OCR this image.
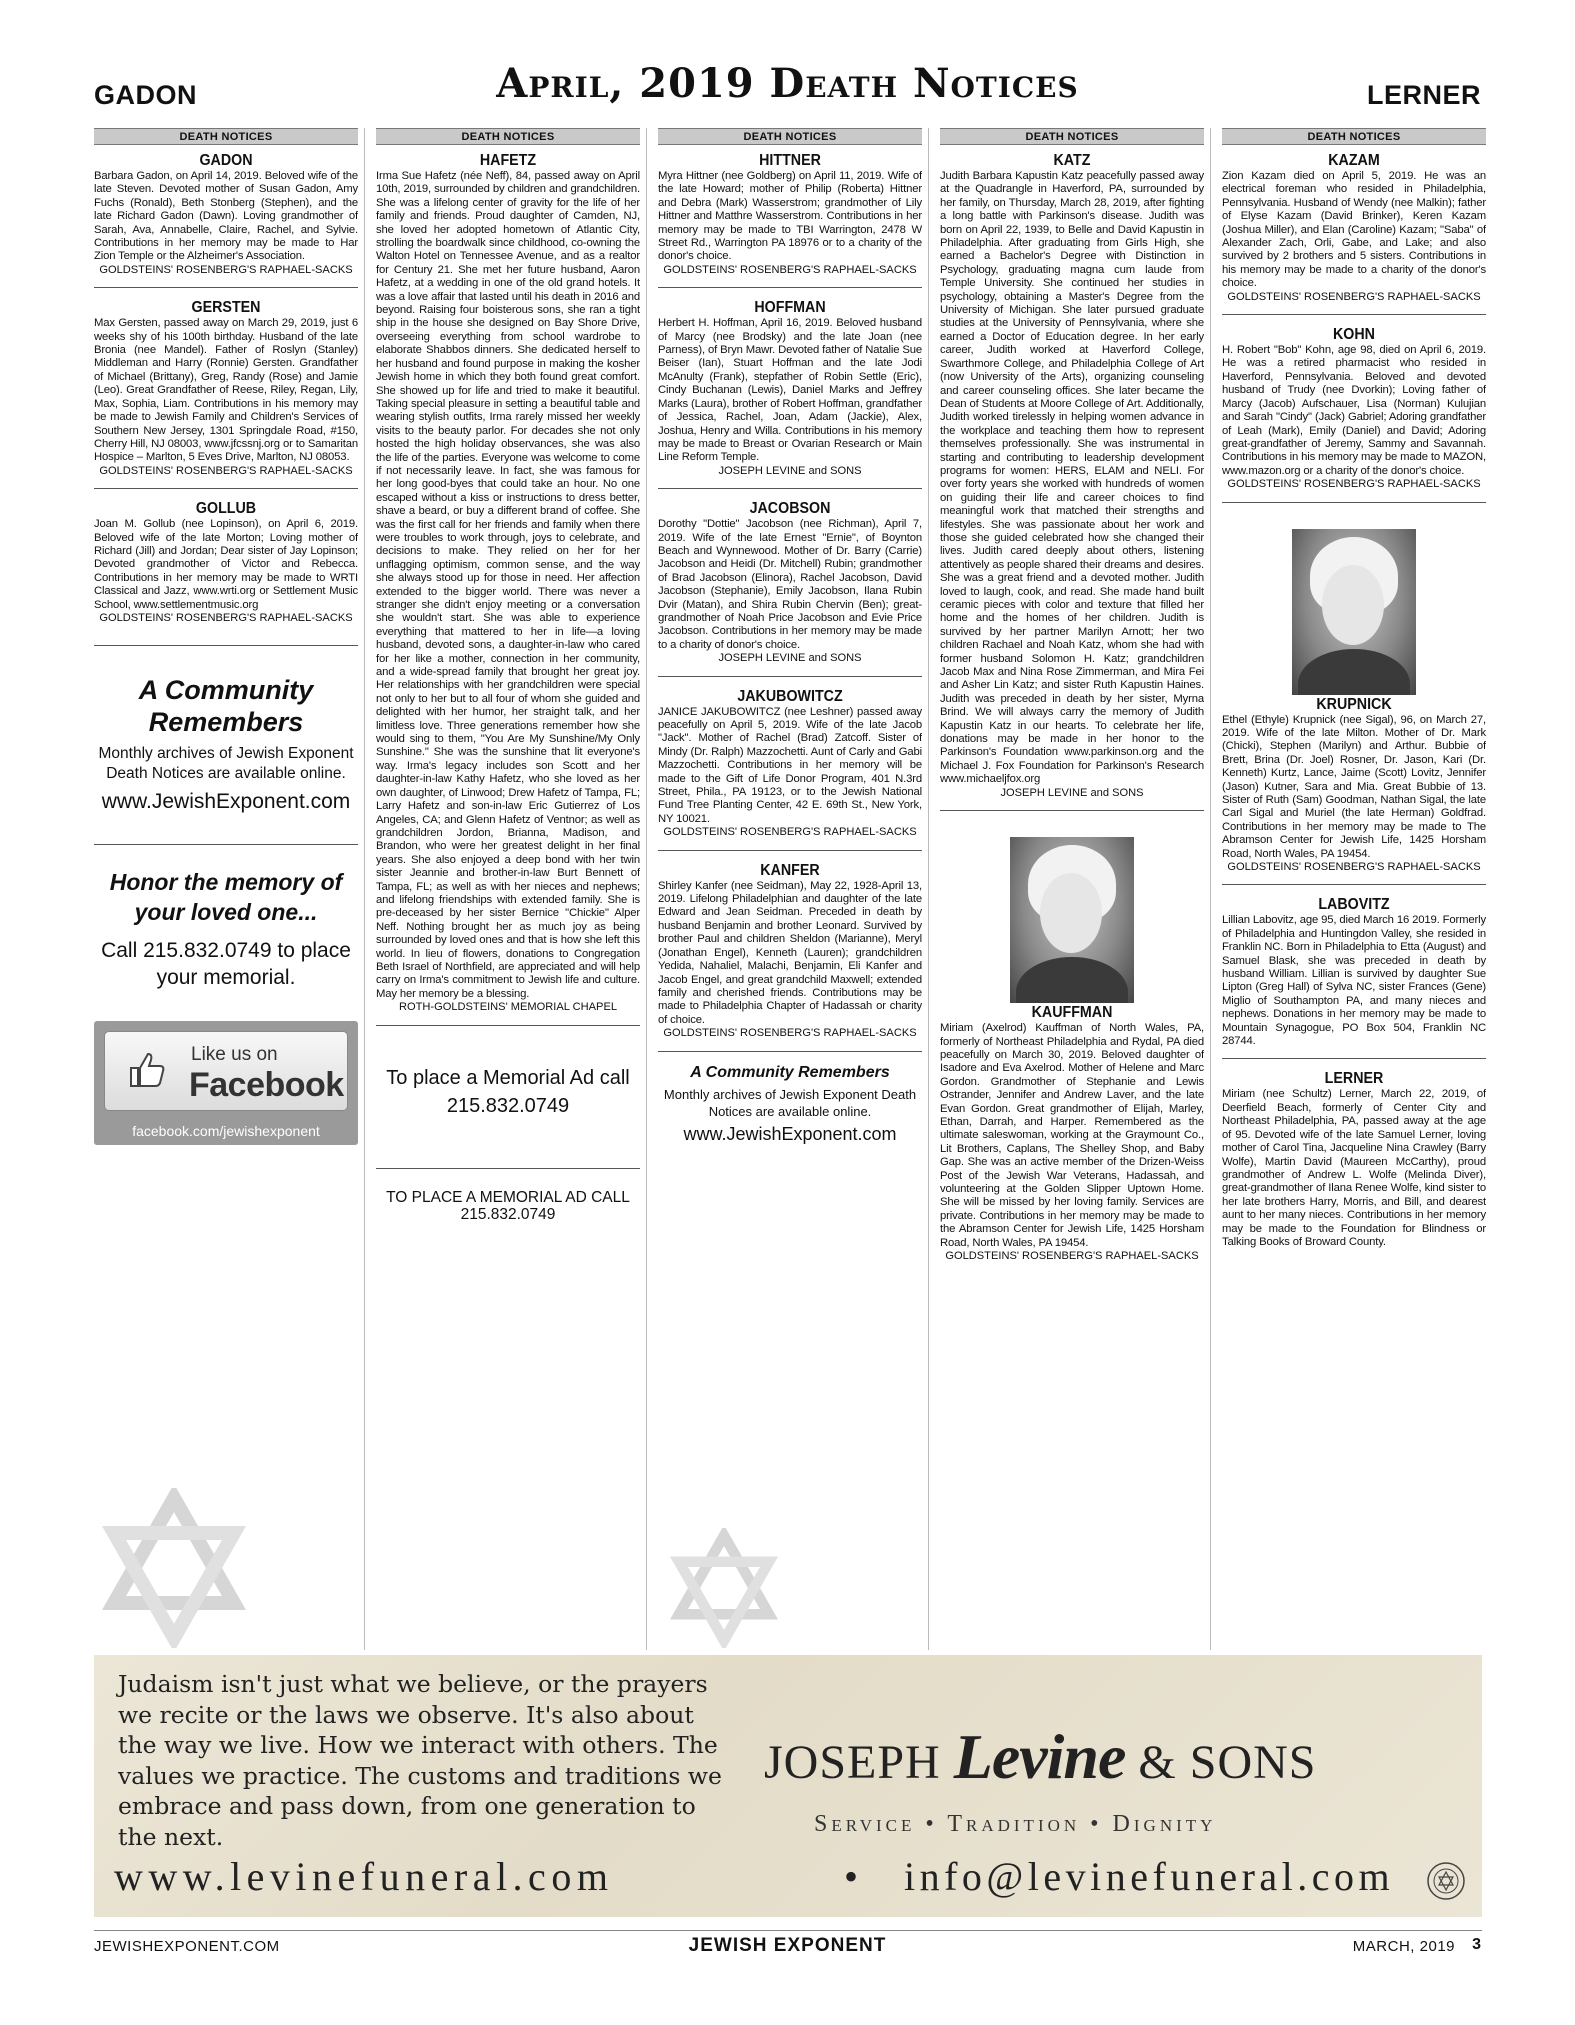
GADON	April, 2019 Death Notices	LERNER
DEATH NOTICES
GADON
Barbara Gadon, on April 14, 2019. Beloved wife of the late Steven. Devoted mother of Susan Gadon, Amy Fuchs (Ronald), Beth Stonberg (Stephen), and the late Richard Gadon (Dawn). Loving grandmother of Sarah, Ava, Annabelle, Claire, Rachel, and Sylvie. Contributions in her memory may be made to Har Zion Temple or the Alzheimer's Association.
GOLDSTEINS' ROSENBERG'S RAPHAEL-SACKS
GERSTEN
Max Gersten, passed away on March 29, 2019, just 6 weeks shy of his 100th birthday. Husband of the late Bronia (nee Mandel). Father of Roslyn (Stanley) Middleman and Harry (Ronnie) Gersten. Grandfather of Michael (Brittany), Greg, Randy (Rose) and Jamie (Leo). Great Grandfather of Reese, Riley, Regan, Lily, Max, Sophia, Liam. Contributions in his memory may be made to Jewish Family and Children's Services of Southern New Jersey, 1301 Springdale Road, #150, Cherry Hill, NJ 08003, www.jfcssnj.org or to Samaritan Hospice – Marlton, 5 Eves Drive, Marlton, NJ 08053.
GOLDSTEINS' ROSENBERG'S RAPHAEL-SACKS
GOLLUB
Joan M. Gollub (nee Lopinson), on April 6, 2019. Beloved wife of the late Morton; Loving mother of Richard (Jill) and Jordan; Dear sister of Jay Lopinson; Devoted grandmother of Victor and Rebecca. Contributions in her memory may be made to WRTI Classical and Jazz, www.wrti.org or Settlement Music School, www.settlementmusic.org
GOLDSTEINS' ROSENBERG'S RAPHAEL-SACKS
A Community Remembers
Monthly archives of Jewish Exponent Death Notices are available online.
www.JewishExponent.com
Honor the memory of your loved one...
Call 215.832.0749 to place your memorial.
Like us on
Facebook
facebook.com/jewishexponent
DEATH NOTICES
HAFETZ
Irma Sue Hafetz (née Neff), 84, passed away on April 10th, 2019, surrounded by children and grandchildren. She was a lifelong center of gravity for the life of her family and friends. Proud daughter of Camden, NJ, she loved her adopted hometown of Atlantic City, strolling the boardwalk since childhood, co-owning the Walton Hotel on Tennessee Avenue, and as a realtor for Century 21. She met her future husband, Aaron Hafetz, at a wedding in one of the old grand hotels. It was a love affair that lasted until his death in 2016 and beyond. Raising four boisterous sons, she ran a tight ship in the house she designed on Bay Shore Drive, overseeing everything from school wardrobe to elaborate Shabbos dinners. She dedicated herself to her husband and found purpose in making the kosher Jewish home in which they both found great comfort. She showed up for life and tried to make it beautiful. Taking special pleasure in setting a beautiful table and wearing stylish outfits, Irma rarely missed her weekly visits to the beauty parlor. For decades she not only hosted the high holiday observances, she was also the life of the parties. Everyone was welcome to come if not necessarily leave. In fact, she was famous for her long good-byes that could take an hour. No one escaped without a kiss or instructions to dress better, shave a beard, or buy a different brand of coffee. She was the first call for her friends and family when there were troubles to work through, joys to celebrate, and decisions to make. They relied on her for her unflagging optimism, common sense, and the way she always stood up for those in need. Her affection extended to the bigger world. There was never a stranger she didn't enjoy meeting or a conversation she wouldn't start. She was able to experience everything that mattered to her in life—a loving husband, devoted sons, a daughter-in-law who cared for her like a mother, connection in her community, and a wide-spread family that brought her great joy. Her relationships with her grandchildren were special not only to her but to all four of whom she guided and delighted with her humor, her straight talk, and her limitless love. Three generations remember how she would sing to them, "You Are My Sunshine/My Only Sunshine." She was the sunshine that lit everyone's way. Irma's legacy includes son Scott and her daughter-in-law Kathy Hafetz, who she loved as her own daughter, of Linwood; Drew Hafetz of Tampa, FL; Larry Hafetz and son-in-law Eric Gutierrez of Los Angeles, CA; and Glenn Hafetz of Ventnor; as well as grandchildren Jordon, Brianna, Madison, and Brandon, who were her greatest delight in her final years. She also enjoyed a deep bond with her twin sister Jeannie and brother-in-law Burt Bennett of Tampa, FL; as well as with her nieces and nephews; and lifelong friendships with extended family. She is pre-deceased by her sister Bernice "Chickie" Alper Neff. Nothing brought her as much joy as being surrounded by loved ones and that is how she left this world. In lieu of flowers, donations to Congregation Beth Israel of Northfield, are appreciated and will help carry on Irma's commitment to Jewish life and culture. May her memory be a blessing.
ROTH-GOLDSTEINS' MEMORIAL CHAPEL
To place a Memorial Ad call 215.832.0749
TO PLACE A MEMORIAL AD CALL 215.832.0749
DEATH NOTICES
HITTNER
Myra Hittner (nee Goldberg) on April 11, 2019. Wife of the late Howard; mother of Philip (Roberta) Hittner and Debra (Mark) Wasserstrom; grandmother of Lily Hittner and Matthre Wasserstrom. Contributions in her memory may be made to TBI Warrington, 2478 W Street Rd., Warrington PA 18976 or to a charity of the donor's choice.
GOLDSTEINS' ROSENBERG'S RAPHAEL-SACKS
HOFFMAN
Herbert H. Hoffman, April 16, 2019. Beloved husband of Marcy (nee Brodsky) and the late Joan (nee Parness), of Bryn Mawr. Devoted father of Natalie Sue Beiser (Ian), Stuart Hoffman and the late Jodi McAnulty (Frank), stepfather of Robin Settle (Eric), Cindy Buchanan (Lewis), Daniel Marks and Jeffrey Marks (Laura), brother of Robert Hoffman, grandfather of Jessica, Rachel, Joan, Adam (Jackie), Alex, Joshua, Henry and Willa. Contributions in his memory may be made to Breast or Ovarian Research or Main Line Reform Temple.
JOSEPH LEVINE and SONS
JACOBSON
Dorothy "Dottie" Jacobson (nee Richman), April 7, 2019. Wife of the late Ernest "Ernie", of Boynton Beach and Wynnewood. Mother of Dr. Barry (Carrie) Jacobson and Heidi (Dr. Mitchell) Rubin; grandmother of Brad Jacobson (Elinora), Rachel Jacobson, David Jacobson (Stephanie), Emily Jacobson, Ilana Rubin Dvir (Matan), and Shira Rubin Chervin (Ben); great-grandmother of Noah Price Jacobson and Evie Price Jacobson. Contributions in her memory may be made to a charity of donor's choice.
JOSEPH LEVINE and SONS
JAKUBOWITCZ
JANICE JAKUBOWITCZ (nee Leshner) passed away peacefully on April 5, 2019. Wife of the late Jacob "Jack". Mother of Rachel (Brad) Zatcoff. Sister of Mindy (Dr. Ralph) Mazzochetti. Aunt of Carly and Gabi Mazzochetti. Contributions in her memory will be made to the Gift of Life Donor Program, 401 N.3rd Street, Phila., PA 19123, or to the Jewish National Fund Tree Planting Center, 42 E. 69th St., New York, NY 10021.
GOLDSTEINS' ROSENBERG'S RAPHAEL-SACKS
KANFER
Shirley Kanfer (nee Seidman), May 22, 1928-April 13, 2019. Lifelong Philadelphian and daughter of the late Edward and Jean Seidman. Preceded in death by husband Benjamin and brother Leonard. Survived by brother Paul and children Sheldon (Marianne), Meryl (Jonathan Engel), Kenneth (Lauren); grandchildren Yedida, Nahaliel, Malachi, Benjamin, Eli Kanfer and Jacob Engel, and great grandchild Maxwell; extended family and cherished friends. Contributions may be made to Philadelphia Chapter of Hadassah or charity of choice.
GOLDSTEINS' ROSENBERG'S RAPHAEL-SACKS
A Community Remembers
Monthly archives of Jewish Exponent Death Notices are available online.
www.JewishExponent.com
DEATH NOTICES
KATZ
Judith Barbara Kapustin Katz peacefully passed away at the Quadrangle in Haverford, PA, surrounded by her family, on Thursday, March 28, 2019, after fighting a long battle with Parkinson's disease. Judith was born on April 22, 1939, to Belle and David Kapustin in Philadelphia. After graduating from Girls High, she earned a Bachelor's Degree with Distinction in Psychology, graduating magna cum laude from Temple University. She continued her studies in psychology, obtaining a Master's Degree from the University of Michigan. She later pursued graduate studies at the University of Pennsylvania, where she earned a Doctor of Education degree. In her early career, Judith worked at Haverford College, Swarthmore College, and Philadelphia College of Art (now University of the Arts), organizing counseling and career counseling offices. She later became the Dean of Students at Moore College of Art. Additionally, Judith worked tirelessly in helping women advance in the workplace and teaching them how to represent themselves professionally. She was instrumental in starting and contributing to leadership development programs for women: HERS, ELAM and NELI. For over forty years she worked with hundreds of women on guiding their life and career choices to find meaningful work that matched their strengths and lifestyles. She was passionate about her work and those she guided celebrated how she changed their lives. Judith cared deeply about others, listening attentively as people shared their dreams and desires. She was a great friend and a devoted mother. Judith loved to laugh, cook, and read. She made hand built ceramic pieces with color and texture that filled her home and the homes of her children. Judith is survived by her partner Marilyn Arnott; her two children Rachael and Noah Katz, whom she had with former husband Solomon H. Katz; grandchildren Jacob Max and Nina Rose Zimmerman, and Mira Fei and Asher Lin Katz; and sister Ruth Kapustin Haines. Judith was preceded in death by her sister, Myrna Brind. We will always carry the memory of Judith Kapustin Katz in our hearts. To celebrate her life, donations may be made in her honor to the Parkinson's Foundation www.parkinson.org and the Michael J. Fox Foundation for Parkinson's Research www.michaeljfox.org
JOSEPH LEVINE and SONS
KAUFFMAN
Miriam (Axelrod) Kauffman of North Wales, PA, formerly of Northeast Philadelphia and Rydal, PA died peacefully on March 30, 2019. Beloved daughter of Isadore and Eva Axelrod. Mother of Helene and Marc Gordon. Grandmother of Stephanie and Lewis Ostrander, Jennifer and Andrew Laver, and the late Evan Gordon. Great grandmother of Elijah, Marley, Ethan, Darrah, and Harper. Remembered as the ultimate saleswoman, working at the Graymount Co., Lit Brothers, Caplans, The Shelley Shop, and Baby Gap. She was an active member of the Drizen-Weiss Post of the Jewish War Veterans, Hadassah, and volunteering at the Golden Slipper Uptown Home. She will be missed by her loving family. Services are private. Contributions in her memory may be made to the Abramson Center for Jewish Life, 1425 Horsham Road, North Wales, PA 19454.
GOLDSTEINS' ROSENBERG'S RAPHAEL-SACKS
DEATH NOTICES
KAZAM
Zion Kazam died on April 5, 2019. He was an electrical foreman who resided in Philadelphia, Pennsylvania. Husband of Wendy (nee Malkin); father of Elyse Kazam (David Brinker), Keren Kazam (Joshua Miller), and Elan (Caroline) Kazam; "Saba" of Alexander Zach, Orli, Gabe, and Lake; and also survived by 2 brothers and 5 sisters. Contributions in his memory may be made to a charity of the donor's choice.
GOLDSTEINS' ROSENBERG'S RAPHAEL-SACKS
KOHN
H. Robert "Bob" Kohn, age 98, died on April 6, 2019. He was a retired pharmacist who resided in Haverford, Pennsylvania. Beloved and devoted husband of Trudy (nee Dvorkin); Loving father of Marcy (Jacob) Aufschauer, Lisa (Norman) Kulujian and Sarah "Cindy" (Jack) Gabriel; Adoring grandfather of Leah (Mark), Emily (Daniel) and David; Adoring great-grandfather of Jeremy, Sammy and Savannah. Contributions in his memory may be made to MAZON, www.mazon.org or a charity of the donor's choice.
GOLDSTEINS' ROSENBERG'S RAPHAEL-SACKS
KRUPNICK
Ethel (Ethyle) Krupnick (nee Sigal), 96, on March 27, 2019. Wife of the late Milton. Mother of Dr. Mark (Chicki), Stephen (Marilyn) and Arthur. Bubbie of Brett, Brina (Dr. Joel) Rosner, Dr. Jason, Kari (Dr. Kenneth) Kurtz, Lance, Jaime (Scott) Lovitz, Jennifer (Jason) Kutner, Sara and Mia. Great Bubbie of 13. Sister of Ruth (Sam) Goodman, Nathan Sigal, the late Carl Sigal and Muriel (the late Herman) Goldfrad. Contributions in her memory may be made to The Abramson Center for Jewish Life, 1425 Horsham Road, North Wales, PA 19454.
GOLDSTEINS' ROSENBERG'S RAPHAEL-SACKS
LABOVITZ
Lillian Labovitz, age 95, died March 16 2019. Formerly of Philadelphia and Huntingdon Valley, she resided in Franklin NC. Born in Philadelphia to Etta (August) and Samuel Blask, she was preceded in death by husband William. Lillian is survived by daughter Sue Lipton (Greg Hall) of Sylva NC, sister Frances (Gene) Miglio of Southampton PA, and many nieces and nephews. Donations in her memory may be made to Mountain Synagogue, PO Box 504, Franklin NC 28744.
LERNER
Miriam (nee Schultz) Lerner, March 22, 2019, of Deerfield Beach, formerly of Center City and Northeast Philadelphia, PA, passed away at the age of 95. Devoted wife of the late Samuel Lerner, loving mother of Carol Tina, Jacqueline Nina Crawley (Barry Wolfe), Martin David (Maureen McCarthy), proud grandmother of Andrew L. Wolfe (Melinda Diver), great-grandmother of Ilana Renee Wolfe, kind sister to her late brothers Harry, Morris, and Bill, and dearest aunt to her many nieces. Contributions in her memory may be made to the Foundation for Blindness or Talking Books of Broward County.
Judaism isn't just what we believe, or the prayers we recite or the laws we observe. It's also about the way we live. How we interact with others. The values we practice. The customs and traditions we embrace and pass down, from one generation to the next.
JOSEPH Levine & SONS
Service • Tradition • Dignity
www.levinefuneral.com	• info@levinefuneral.com
JEWISHEXPONENT.COM	JEWISH EXPONENT	MARCH, 2019 3
